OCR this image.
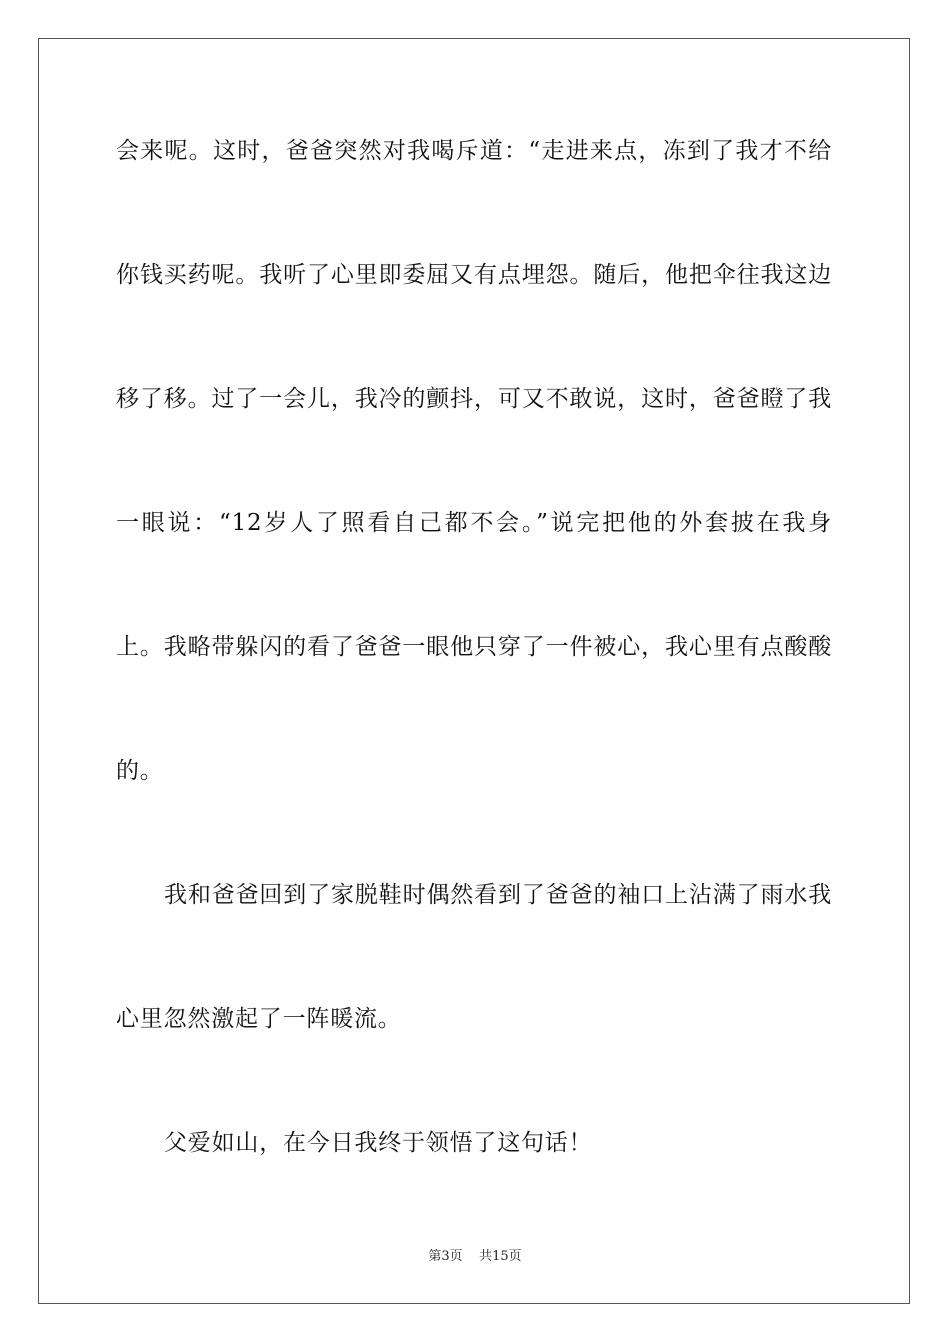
会来呢。这时，爸爸突然对我喝斥道：“走进来点，冻到了我才不给
你钱买药呢。我听了心里即委屈又有点埋怨。随后，他把伞往我这边
移了移。过了一会儿，我冷的颤抖，可又不敢说，这时，爸爸瞪了我
一眼说：“12岁人了照看自己都不会。”说完把他的外套披在我身
上。我略带躲闪的看了爸爸一眼他只穿了一件被心，我心里有点酸酸
的。
我和爸爸回到了家脱鞋时偶然看到了爸爸的袖口上沾满了雨水我
心里忽然激起了一阵暖流。
父爱如山，在今日我终于领悟了这句话！
第3页 共15页
